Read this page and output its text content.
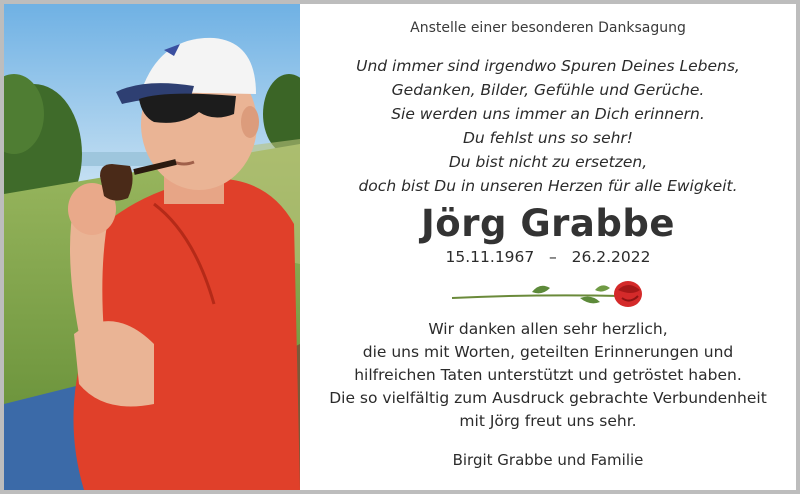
Anstelle einer besonderen Danksagung
Und immer sind irgendwo Spuren Deines Lebens,
Gedanken, Bilder, Gefühle und Gerüche.
Sie werden uns immer an Dich erinnern.
Du fehlst uns so sehr!
Du bist nicht zu ersetzen,
doch bist Du in unseren Herzen für alle Ewigkeit.
Jörg Grabbe
15.11.1967 – 26.2.2022
Wir danken allen sehr herzlich,
die uns mit Worten, geteilten Erinnerungen und
hilfreichen Taten unterstützt und getröstet haben.
Die so vielfältig zum Ausdruck gebrachte Verbundenheit
mit Jörg freut uns sehr.
Birgit Grabbe und Familie
